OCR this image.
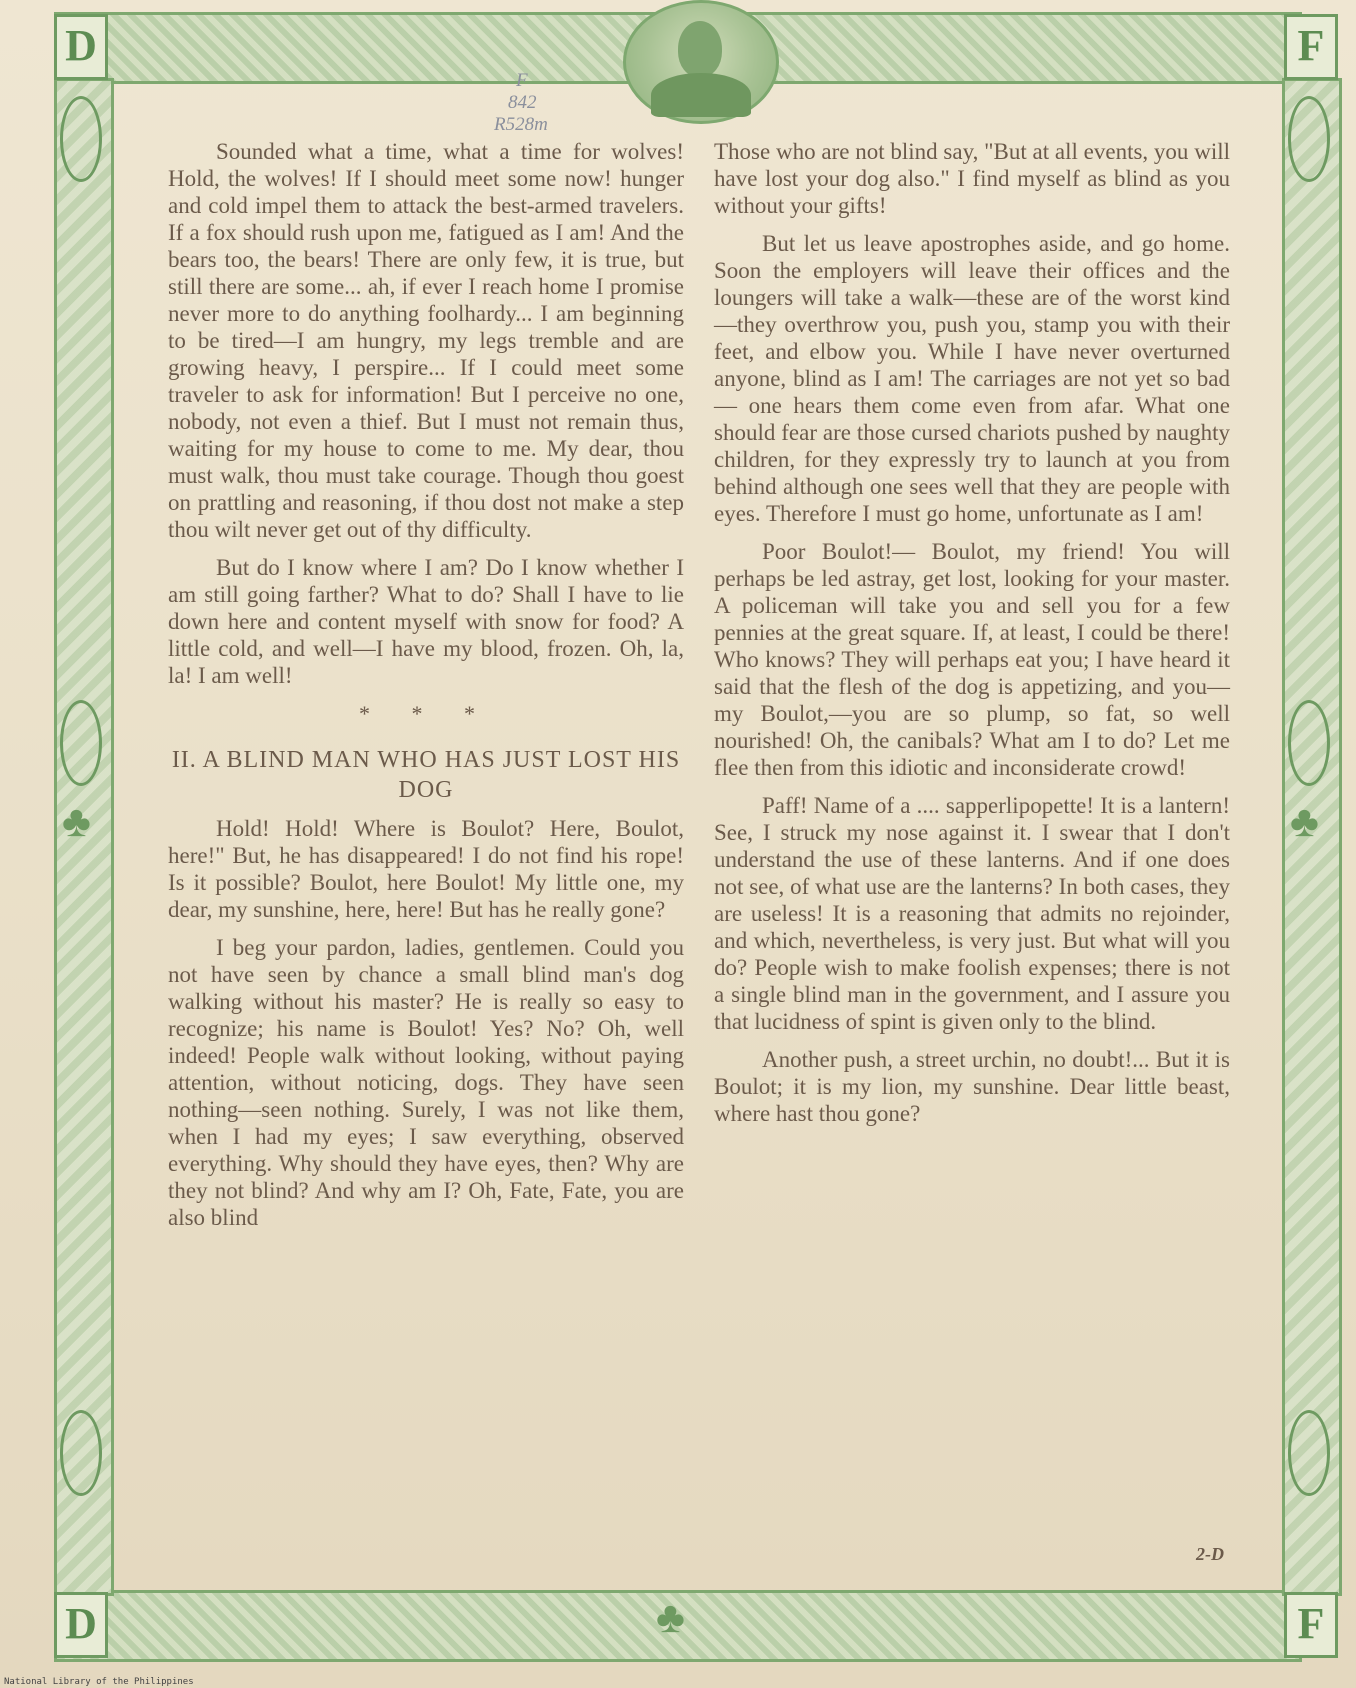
♣	♣
♣
D	F
D	F
F
842
R528m

Sounded what a time, what a time for wolves! Hold, the wolves! If I should meet some now! hunger and cold impel them to attack the best-armed travelers. If a fox should rush upon me, fatigued as I am! And the bears too, the bears! There are only few, it is true, but still there are some... ah, if ever I reach home I promise never more to do anything foolhardy... I am beginning to be tired—I am hungry, my legs tremble and are growing heavy, I perspire... If I could meet some traveler to ask for information! But I perceive no one, nobody, not even a thief. But I must not remain thus, waiting for my house to come to me. My dear, thou must walk, thou must take courage. Though thou goest on prattling and reasoning, if thou dost not make a step thou wilt never get out of thy difficulty.

But do I know where I am? Do I know whether I am still going farther? What to do? Shall I have to lie down here and content myself with snow for food? A little cold, and well—I have my blood, frozen. Oh, la, la! I am well!

* * *
II. A BLIND MAN WHO HAS JUST LOST HIS DOG

Hold! Hold! Where is Boulot? Here, Boulot, here!" But, he has disappeared! I do not find his rope! Is it possible? Boulot, here Boulot! My little one, my dear, my sunshine, here, here! But has he really gone?

I beg your pardon, ladies, gentlemen. Could you not have seen by chance a small blind man's dog walking without his master? He is really so easy to recognize; his name is Boulot! Yes? No? Oh, well indeed! People walk without looking, without paying attention, without noticing, dogs. They have seen nothing—seen nothing. Surely, I was not like them, when I had my eyes; I saw everything, observed everything. Why should they have eyes, then? Why are they not blind? And why am I? Oh, Fate, Fate, you are also blind

Those who are not blind say, "But at all events, you will have lost your dog also." I find myself as blind as you without your gifts!

But let us leave apostrophes aside, and go home. Soon the employers will leave their offices and the loungers will take a walk—these are of the worst kind —they overthrow you, push you, stamp you with their feet, and elbow you. While I have never overturned anyone, blind as I am! The carriages are not yet so bad— one hears them come even from afar. What one should fear are those cursed chariots pushed by naughty children, for they expressly try to launch at you from behind although one sees well that they are people with eyes. Therefore I must go home, unfortunate as I am!

Poor Boulot!— Boulot, my friend! You will perhaps be led astray, get lost, looking for your master. A policeman will take you and sell you for a few pennies at the great square. If, at least, I could be there! Who knows? They will perhaps eat you; I have heard it said that the flesh of the dog is appetizing, and you—my Boulot,—you are so plump, so fat, so well nourished! Oh, the canibals? What am I to do? Let me flee then from this idiotic and inconsiderate crowd!

Paff! Name of a .... sapperlipopette! It is a lantern! See, I struck my nose against it. I swear that I don't understand the use of these lanterns. And if one does not see, of what use are the lanterns? In both cases, they are useless! It is a reasoning that admits no rejoinder, and which, nevertheless, is very just. But what will you do? People wish to make foolish expenses; there is not a single blind man in the government, and I assure you that lucidness of spint is given only to the blind.

Another push, a street urchin, no doubt!... But it is Boulot; it is my lion, my sunshine. Dear little beast, where hast thou gone?

2-D
National Library of the Philippines
